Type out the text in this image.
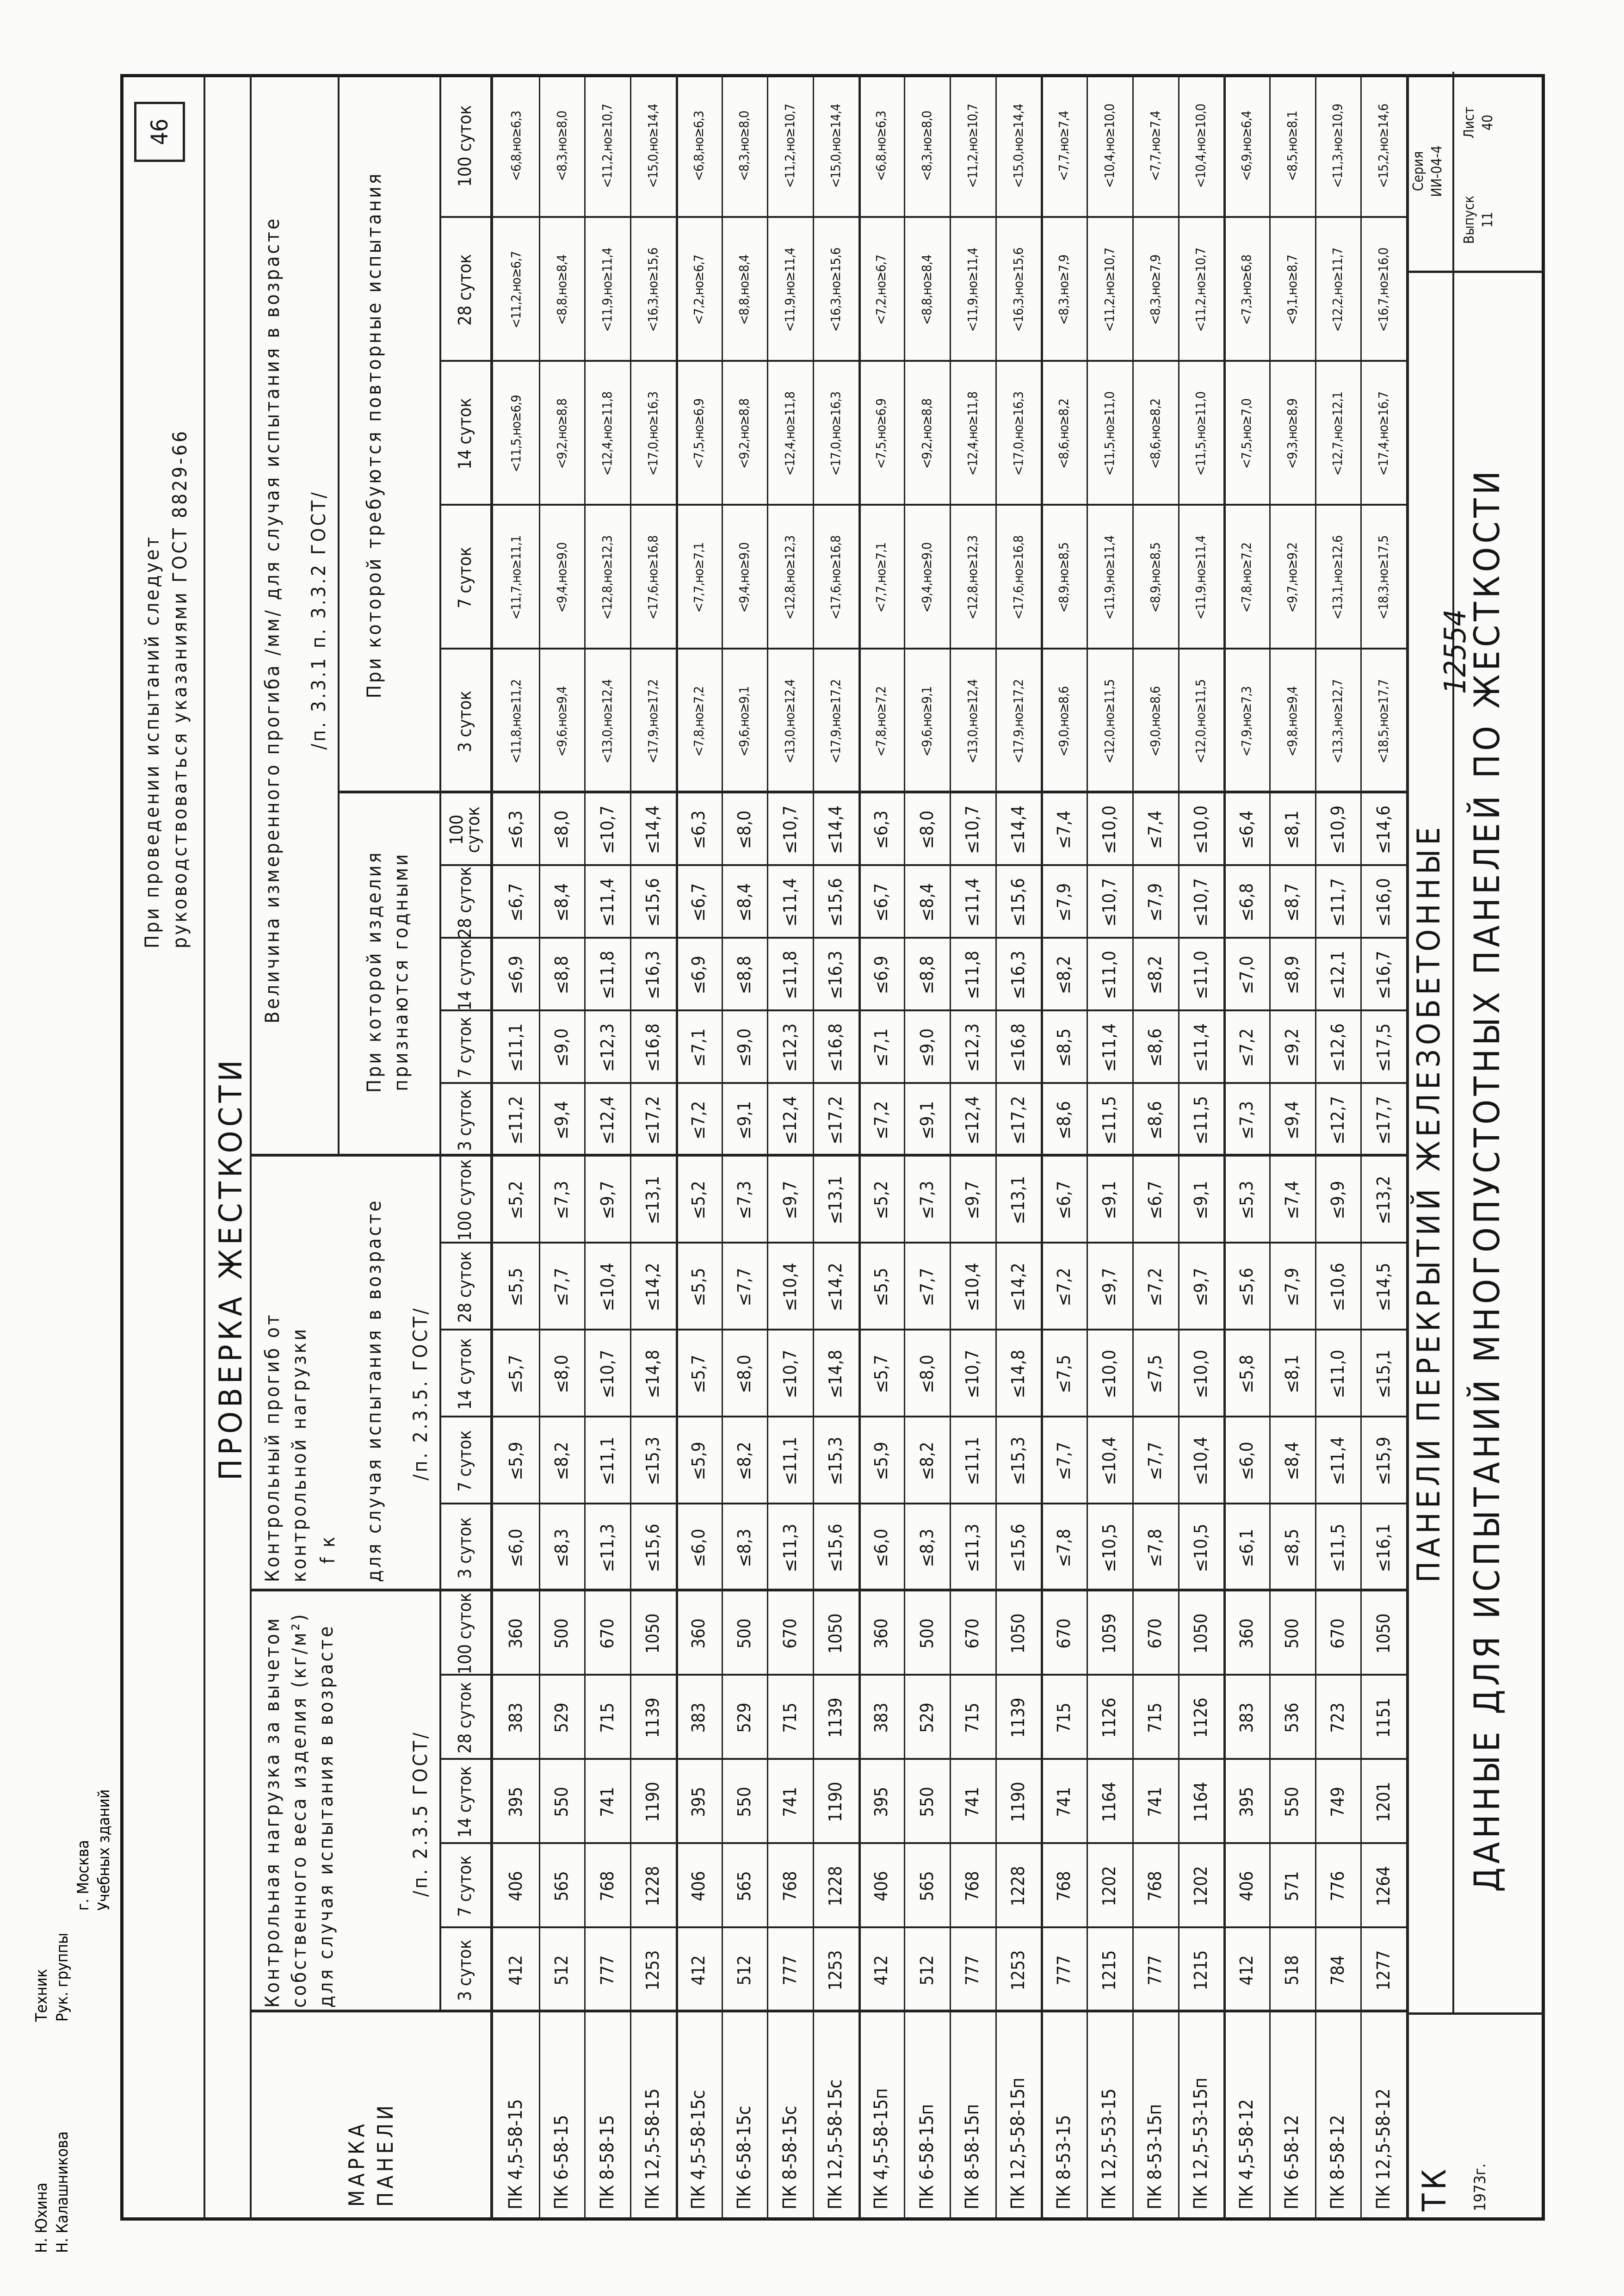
При проведении испытаний следует руководствоваться указаниями ГОСТ 8829-66
46
ПРОВЕРКА ЖЕСТКОСТИ
МАРКА ПАНЕЛИ
Контрольная нагрузка за вычетом собственного веса изделия (кг/м²) для случая испытания в возрасте	/п. 2.3.5 ГОСТ/
Контрольный прогиб от контрольной нагрузки f к для случая испытания в возрасте /п. 2.3.5. ГОСТ/
Величина измеренного прогиба /мм/ для случая испытания в возрасте /п. 3.3.1 п. 3.3.2 ГОСТ/
При которой изделия признаются годными
При которой требуются повторные испытания
3 суток
7 суток
14 суток
28 суток
100 суток
3 суток
7 суток
14 суток
28 суток
100 суток
3 суток
7 суток
14 суток
28 суток
100 суток
3 суток
7 суток
14 суток
28 суток
100 суток
ПК 4,5-58-15
412
406
395
383
360
≤6,0
≤5,9
≤5,7
≤5,5
≤5,2
≤11,2
≤11,1
≤6,9
≤6,7
≤6,3
<11,8,но≥11,2
<11,7,но≥11,1
<11,5,но≥6,9
<11,2,но≥6,7
<6,8,но≥6,3
ПК 6-58-15
512
565
550
529
500
≤8,3
≤8,2
≤8,0
≤7,7
≤7,3
≤9,4
≤9,0
≤8,8
≤8,4
≤8,0
<9,6,но≥9,4
<9,4,но≥9,0
<9,2,но≥8,8
<8,8,но≥8,4
<8,3,но≥8,0
ПК 8-58-15
777
768
741
715
670
≤11,3
≤11,1
≤10,7
≤10,4
≤9,7
≤12,4
≤12,3
≤11,8
≤11,4
≤10,7
<13,0,но≥12,4
<12,8,но≥12,3
<12,4,но≥11,8
<11,9,но≥11,4
<11,2,но≥10,7
ПК 12,5-58-15
1253
1228
1190
1139
1050
≤15,6
≤15,3
≤14,8
≤14,2
≤13,1
≤17,2
≤16,8
≤16,3
≤15,6
≤14,4
<17,9,но≥17,2
<17,6,но≥16,8
<17,0,но≥16,3
<16,3,но≥15,6
<15,0,но≥14,4
ПК 4,5-58-15с
412
406
395
383
360
≤6,0
≤5,9
≤5,7
≤5,5
≤5,2
≤7,2
≤7,1
≤6,9
≤6,7
≤6,3
<7,8,но≥7,2
<7,7,но≥7,1
<7,5,но≥6,9
<7,2,но≥6,7
<6,8,но≥6,3
ПК 6-58-15с
512
565
550
529
500
≤8,3
≤8,2
≤8,0
≤7,7
≤7,3
≤9,1
≤9,0
≤8,8
≤8,4
≤8,0
<9,6,но≥9,1
<9,4,но≥9,0
<9,2,но≥8,8
<8,8,но≥8,4
<8,3,но≥8,0
ПК 8-58-15с
777
768
741
715
670
≤11,3
≤11,1
≤10,7
≤10,4
≤9,7
≤12,4
≤12,3
≤11,8
≤11,4
≤10,7
<13,0,но≥12,4
<12,8,но≥12,3
<12,4,но≥11,8
<11,9,но≥11,4
<11,2,но≥10,7
ПК 12,5-58-15с
1253
1228
1190
1139
1050
≤15,6
≤15,3
≤14,8
≤14,2
≤13,1
≤17,2
≤16,8
≤16,3
≤15,6
≤14,4
<17,9,но≥17,2
<17,6,но≥16,8
<17,0,но≥16,3
<16,3,но≥15,6
<15,0,но≥14,4
ПК 4,5-58-15п
412
406
395
383
360
≤6,0
≤5,9
≤5,7
≤5,5
≤5,2
≤7,2
≤7,1
≤6,9
≤6,7
≤6,3
<7,8,но≥7,2
<7,7,но≥7,1
<7,5,но≥6,9
<7,2,но≥6,7
<6,8,но≥6,3
ПК 6-58-15п
512
565
550
529
500
≤8,3
≤8,2
≤8,0
≤7,7
≤7,3
≤9,1
≤9,0
≤8,8
≤8,4
≤8,0
<9,6,но≥9,1
<9,4,но≥9,0
<9,2,но≥8,8
<8,8,но≥8,4
<8,3,но≥8,0
ПК 8-58-15п
777
768
741
715
670
≤11,3
≤11,1
≤10,7
≤10,4
≤9,7
≤12,4
≤12,3
≤11,8
≤11,4
≤10,7
<13,0,но≥12,4
<12,8,но≥12,3
<12,4,но≥11,8
<11,9,но≥11,4
<11,2,но≥10,7
ПК 12,5-58-15п
1253
1228
1190
1139
1050
≤15,6
≤15,3
≤14,8
≤14,2
≤13,1
≤17,2
≤16,8
≤16,3
≤15,6
≤14,4
<17,9,но≥17,2
<17,6,но≥16,8
<17,0,но≥16,3
<16,3,но≥15,6
<15,0,но≥14,4
ПК 8-53-15
777
768
741
715
670
≤7,8
≤7,7
≤7,5
≤7,2
≤6,7
≤8,6
≤8,5
≤8,2
≤7,9
≤7,4
<9,0,но≥8,6
<8,9,но≥8,5
<8,6,но≥8,2
<8,3,но≥7,9
<7,7,но≥7,4
ПК 12,5-53-15
1215
1202
1164
1126
1059
≤10,5
≤10,4
≤10,0
≤9,7
≤9,1
≤11,5
≤11,4
≤11,0
≤10,7
≤10,0
<12,0,но≥11,5
<11,9,но≥11,4
<11,5,но≥11,0
<11,2,но≥10,7
<10,4,но≥10,0
ПК 8-53-15п
777
768
741
715
670
≤7,8
≤7,7
≤7,5
≤7,2
≤6,7
≤8,6
≤8,6
≤8,2
≤7,9
≤7,4
<9,0,но≥8,6
<8,9,но≥8,5
<8,6,но≥8,2
<8,3,но≥7,9
<7,7,но≥7,4
ПК 12,5-53-15п
1215
1202
1164
1126
1050
≤10,5
≤10,4
≤10,0
≤9,7
≤9,1
≤11,5
≤11,4
≤11,0
≤10,7
≤10,0
<12,0,но≥11,5
<11,9,но≥11,4
<11,5,но≥11,0
<11,2,но≥10,7
<10,4,но≥10,0
ПК 4,5-58-12
412
406
395
383
360
≤6,1
≤6,0
≤5,8
≤5,6
≤5,3
≤7,3
≤7,2
≤7,0
≤6,8
≤6,4
<7,9,но≥7,3
<7,8,но≥7,2
<7,5,но≥7,0
<7,3,но≥6,8
<6,9,но≥6,4
ПК 6-58-12
518
571
550
536
500
≤8,5
≤8,4
≤8,1
≤7,9
≤7,4
≤9,4
≤9,2
≤8,9
≤8,7
≤8,1
<9,8,но≥9,4
<9,7,но≥9,2
<9,3,но≥8,9
<9,1,но≥8,7
<8,5,но≥8,1
ПК 8-58-12
784
776
749
723
670
≤11,5
≤11,4
≤11,0
≤10,6
≤9,9
≤12,7
≤12,6
≤12,1
≤11,7
≤10,9
<13,3,но≥12,7
<13,1,но≥12,6
<12,7,но≥12,1
<12,2,но≥11,7
<11,3,но≥10,9
ПК 12,5-58-12
1277
1264
1201
1151
1050
≤16,1
≤15,9
≤15,1
≤14,5
≤13,2
≤17,7
≤17,5
≤16,7
≤16,0
≤14,6
<18,5,но≥17,7
<18,3,но≥17,5
<17,4,но≥16,7
<16,7,но≥16,0
<15,2,но≥14,6
ПАНЕЛИ ПЕРЕКРЫТИЙ ЖЕЛЕЗОБЕТОННЫЕ ДАННЫЕ ДЛЯ ИСПЫТАНИЙ МНОГОПУСТОТНЫХ ПАНЕЛЕЙ ПО ЖЕСТКОСТИ
12554
ТК 1973г.
Серия ИИ-04-4
Выпуск 11
Лист 40
Н. Юхина Н. Калашникова
Техник Рук. группы
г. Москва Учебных зданий
